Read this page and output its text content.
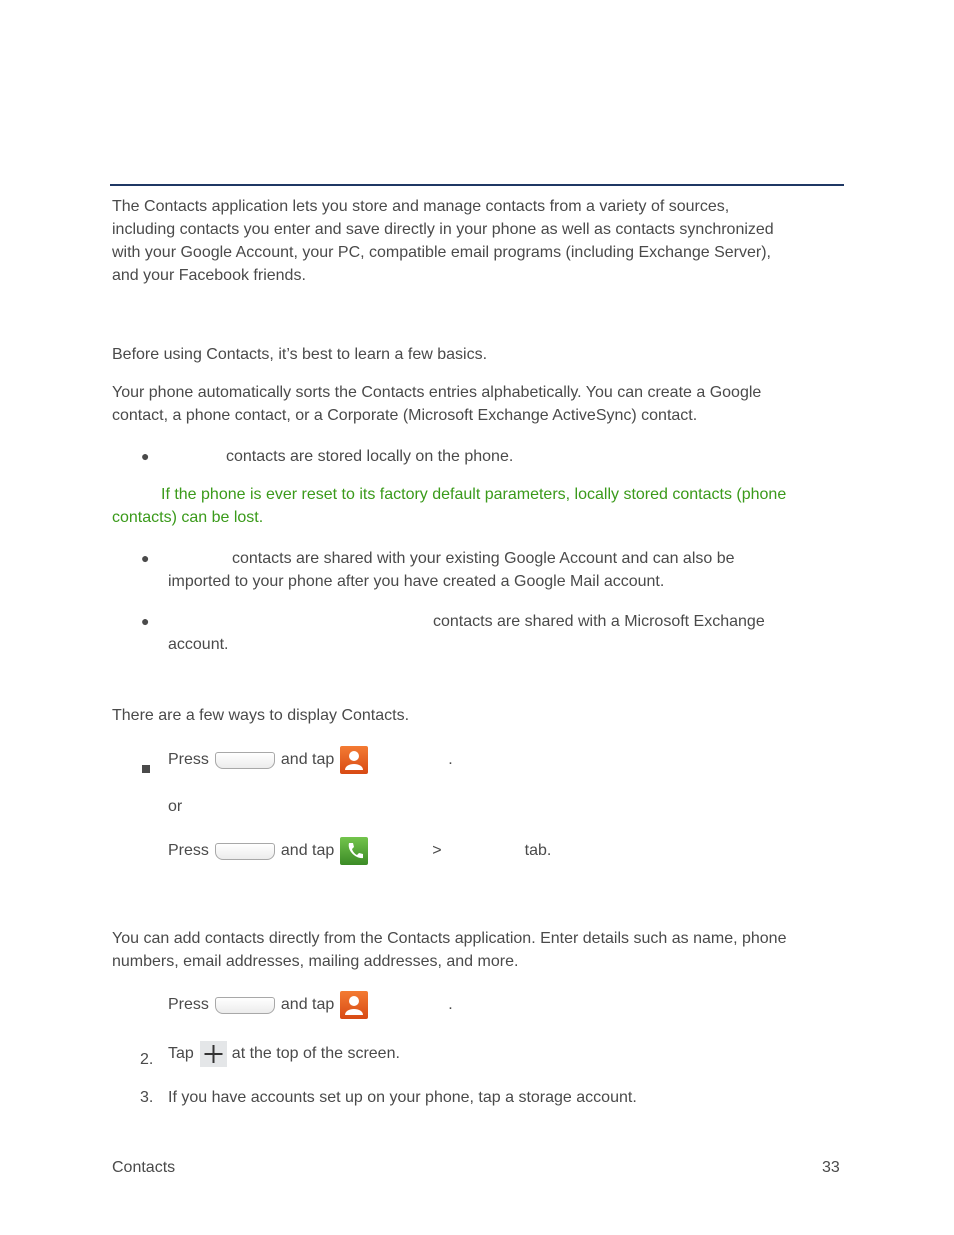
The Contacts application lets you store and manage contacts from a variety of sources,
including contacts you enter and save directly in your phone as well as contacts synchronized
with your Google Account, your PC, compatible email programs (including Exchange Server),
and your Facebook friends.
Before using Contacts, it’s best to learn a few basics.
Your phone automatically sorts the Contacts entries alphabetically. You can create a Google
contact, a phone contact, or a Corporate (Microsoft Exchange ActiveSync) contact.
●	contacts are stored locally on the phone.
If the phone is ever reset to its factory default parameters, locally stored contacts (phone
contacts) can be lost.
●	contacts are shared with your existing Google Account and can also be
imported to your phone after you have created a Google Mail account.
●	contacts are shared with a Microsoft Exchange
account.
There are a few ways to display Contacts.
Press	and tap	.
or
Press	and tap	>	tab.
You can add contacts directly from the Contacts application. Enter details such as name, phone
numbers, email addresses, mailing addresses, and more.
Press	and tap	.
2. Tap at the top of the screen.
3. If you have accounts set up on your phone, tap a storage account.
Contacts	33
